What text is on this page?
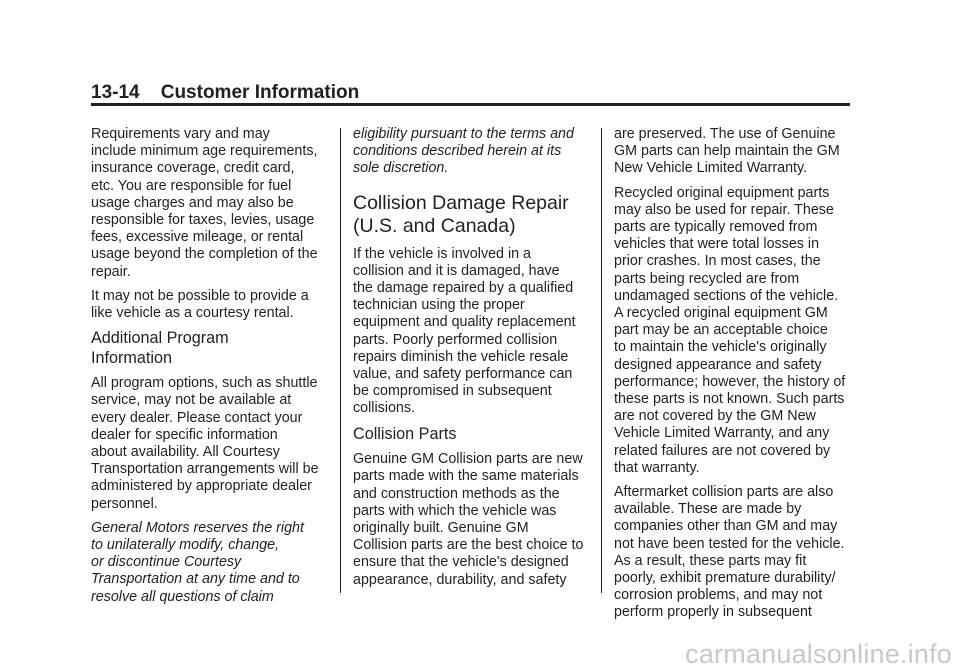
13-14 Customer Information

Requirements vary and may
include minimum age requirements,
insurance coverage, credit card,
etc. You are responsible for fuel
usage charges and may also be
responsible for taxes, levies, usage
fees, excessive mileage, or rental
usage beyond the completion of the
repair.

It may not be possible to provide a
like vehicle as a courtesy rental.

Additional Program
Information

All program options, such as shuttle
service, may not be available at
every dealer. Please contact your
dealer for specific information
about availability. All Courtesy
Transportation arrangements will be
administered by appropriate dealer
personnel.

General Motors reserves the right
to unilaterally modify, change,
or discontinue Courtesy
Transportation at any time and to
resolve all questions of claim

eligibility pursuant to the terms and
conditions described herein at its
sole discretion.

Collision Damage Repair
(U.S. and Canada)

If the vehicle is involved in a
collision and it is damaged, have
the damage repaired by a qualified
technician using the proper
equipment and quality replacement
parts. Poorly performed collision
repairs diminish the vehicle resale
value, and safety performance can
be compromised in subsequent
collisions.

Collision Parts

Genuine GM Collision parts are new
parts made with the same materials
and construction methods as the
parts with which the vehicle was
originally built. Genuine GM
Collision parts are the best choice to
ensure that the vehicle's designed
appearance, durability, and safety

are preserved. The use of Genuine
GM parts can help maintain the GM
New Vehicle Limited Warranty.

Recycled original equipment parts
may also be used for repair. These
parts are typically removed from
vehicles that were total losses in
prior crashes. In most cases, the
parts being recycled are from
undamaged sections of the vehicle.
A recycled original equipment GM
part may be an acceptable choice
to maintain the vehicle's originally
designed appearance and safety
performance; however, the history of
these parts is not known. Such parts
are not covered by the GM New
Vehicle Limited Warranty, and any
related failures are not covered by
that warranty.

Aftermarket collision parts are also
available. These are made by
companies other than GM and may
not have been tested for the vehicle.
As a result, these parts may fit
poorly, exhibit premature durability/
corrosion problems, and may not
perform properly in subsequent

carmanualsonline.info
